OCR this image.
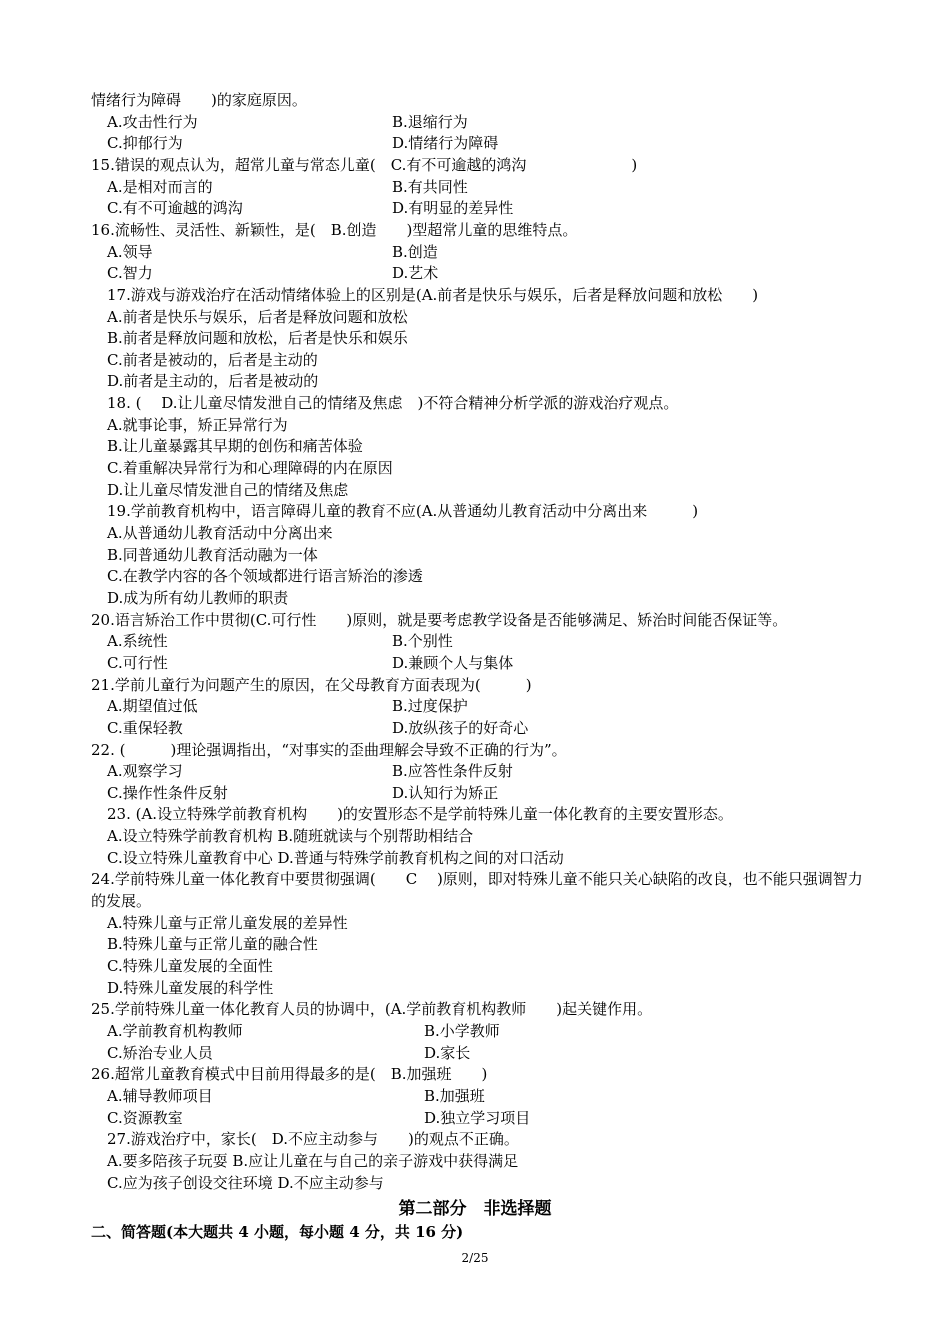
情绪行为障碍　　)的家庭原因。
A.攻击性行为	B.退缩行为
C.抑郁行为	D.情绪行为障碍
15.错误的观点认为，超常儿童与常态儿童(　C.有不可逾越的鸿沟　　　　　　　)
A.是相对而言的	B.有共同性
C.有不可逾越的鸿沟	D.有明显的差异性
16.流畅性、灵活性、新颖性，是(　B.创造　　)型超常儿童的思维特点。
A.领导	B.创造
C.智力	D.艺术
17.游戏与游戏治疗在活动情绪体验上的区别是(A.前者是快乐与娱乐，后者是释放问题和放松　　)
A.前者是快乐与娱乐，后者是释放问题和放松
B.前者是释放问题和放松，后者是快乐和娱乐
C.前者是被动的，后者是主动的
D.前者是主动的，后者是被动的
18. (　 D.让儿童尽情发泄自己的情绪及焦虑　)不符合精神分析学派的游戏治疗观点。
A.就事论事，矫正异常行为
B.让儿童暴露其早期的创伤和痛苦体验
C.着重解决异常行为和心理障碍的内在原因
D.让儿童尽情发泄自己的情绪及焦虑
19.学前教育机构中，语言障碍儿童的教育不应(A.从普通幼儿教育活动中分离出来　　　)
A.从普通幼儿教育活动中分离出来
B.同普通幼儿教育活动融为一体
C.在教学内容的各个领域都进行语言矫治的渗透
D.成为所有幼儿教师的职责
20.语言矫治工作中贯彻(C.可行性　　)原则，就是要考虑教学设备是否能够满足、矫治时间能否保证等。
A.系统性	B.个别性
C.可行性	D.兼顾个人与集体
21.学前儿童行为问题产生的原因，在父母教育方面表现为(　　　)
A.期望值过低	B.过度保护
C.重保轻教	D.放纵孩子的好奇心
22. (　　　)理论强调指出，“对事实的歪曲理解会导致不正确的行为”。
A.观察学习	B.应答性条件反射
C.操作性条件反射	D.认知行为矫正
23. (A.设立特殊学前教育机构　　)的安置形态不是学前特殊儿童一体化教育的主要安置形态。
A.设立特殊学前教育机构 B.随班就读与个别帮助相结合
C.设立特殊儿童教育中心 D.普通与特殊学前教育机构之间的对口活动
24.学前特殊儿童一体化教育中要贯彻强调(　　C　 )原则，即对特殊儿童不能只关心缺陷的改良，也不能只强调智力的发展。
A.特殊儿童与正常儿童发展的差异性
B.特殊儿童与正常儿童的融合性
C.特殊儿童发展的全面性
D.特殊儿童发展的科学性
25.学前特殊儿童一体化教育人员的协调中，(A.学前教育机构教师　　)起关键作用。
A.学前教育机构教师	B.小学教师
C.矫治专业人员	D.家长
26.超常儿童教育模式中目前用得最多的是(　B.加强班　　)
A.辅导教师项目	B.加强班
C.资源教室	D.独立学习项目
27.游戏治疗中，家长(　D.不应主动参与　　)的观点不正确。
A.要多陪孩子玩耍 B.应让儿童在与自己的亲子游戏中获得满足
C.应为孩子创设交往环境 D.不应主动参与
第二部分　非选择题
二、简答题(本大题共 4 小题，每小题 4 分，共 16 分)
2/25
